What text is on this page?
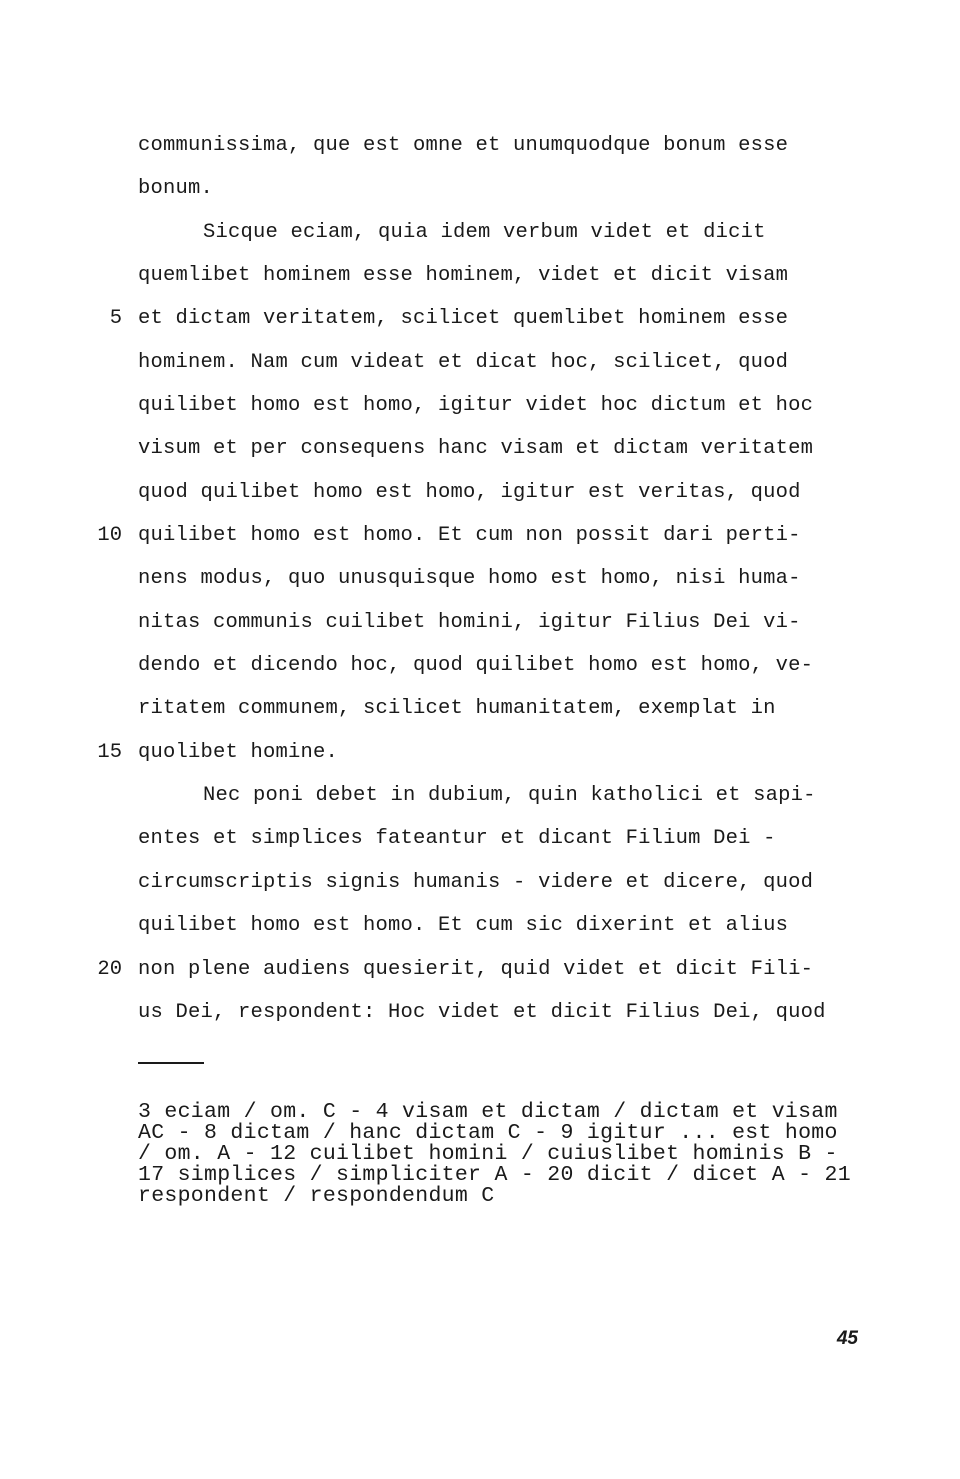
communissima, que est omne et unumquodque bonum esse
bonum.
Sicque eciam, quia idem verbum videt et dicit
quemlibet hominem esse hominem, videt et dicit visam
et dictam veritatem, scilicet quemlibet hominem esse
hominem. Nam cum videat et dicat hoc, scilicet, quod
quilibet homo est homo, igitur videt hoc dictum et hoc
visum et per consequens hanc visam et dictam veritatem
quod quilibet homo est homo, igitur est veritas, quod
quilibet homo est homo. Et cum non possit dari perti-
nens modus, quo unusquisque homo est homo, nisi huma-
nitas communis cuilibet homini, igitur Filius Dei vi-
dendo et dicendo hoc, quod quilibet homo est homo, ve-
ritatem communem, scilicet humanitatem, exemplat in
quolibet homine.
Nec poni debet in dubium, quin katholici et sapi-
entes et simplices fateantur et dicant Filium Dei -
circumscriptis signis humanis - videre et dicere, quod
quilibet homo est homo. Et cum sic dixerint et alius
non plene audiens quesierit, quid videt et dicit Fili-
us Dei, respondent: Hoc videt et dicit Filius Dei, quod
5
10
15
20
3 eciam / om. C - 4 visam et dictam / dictam et visam
AC - 8 dictam / hanc dictam C - 9 igitur ... est homo
/ om. A - 12 cuilibet homini / cuiuslibet hominis B -
17 simplices / simpliciter A - 20 dicit / dicet A - 21
respondent / respondendum C
45
